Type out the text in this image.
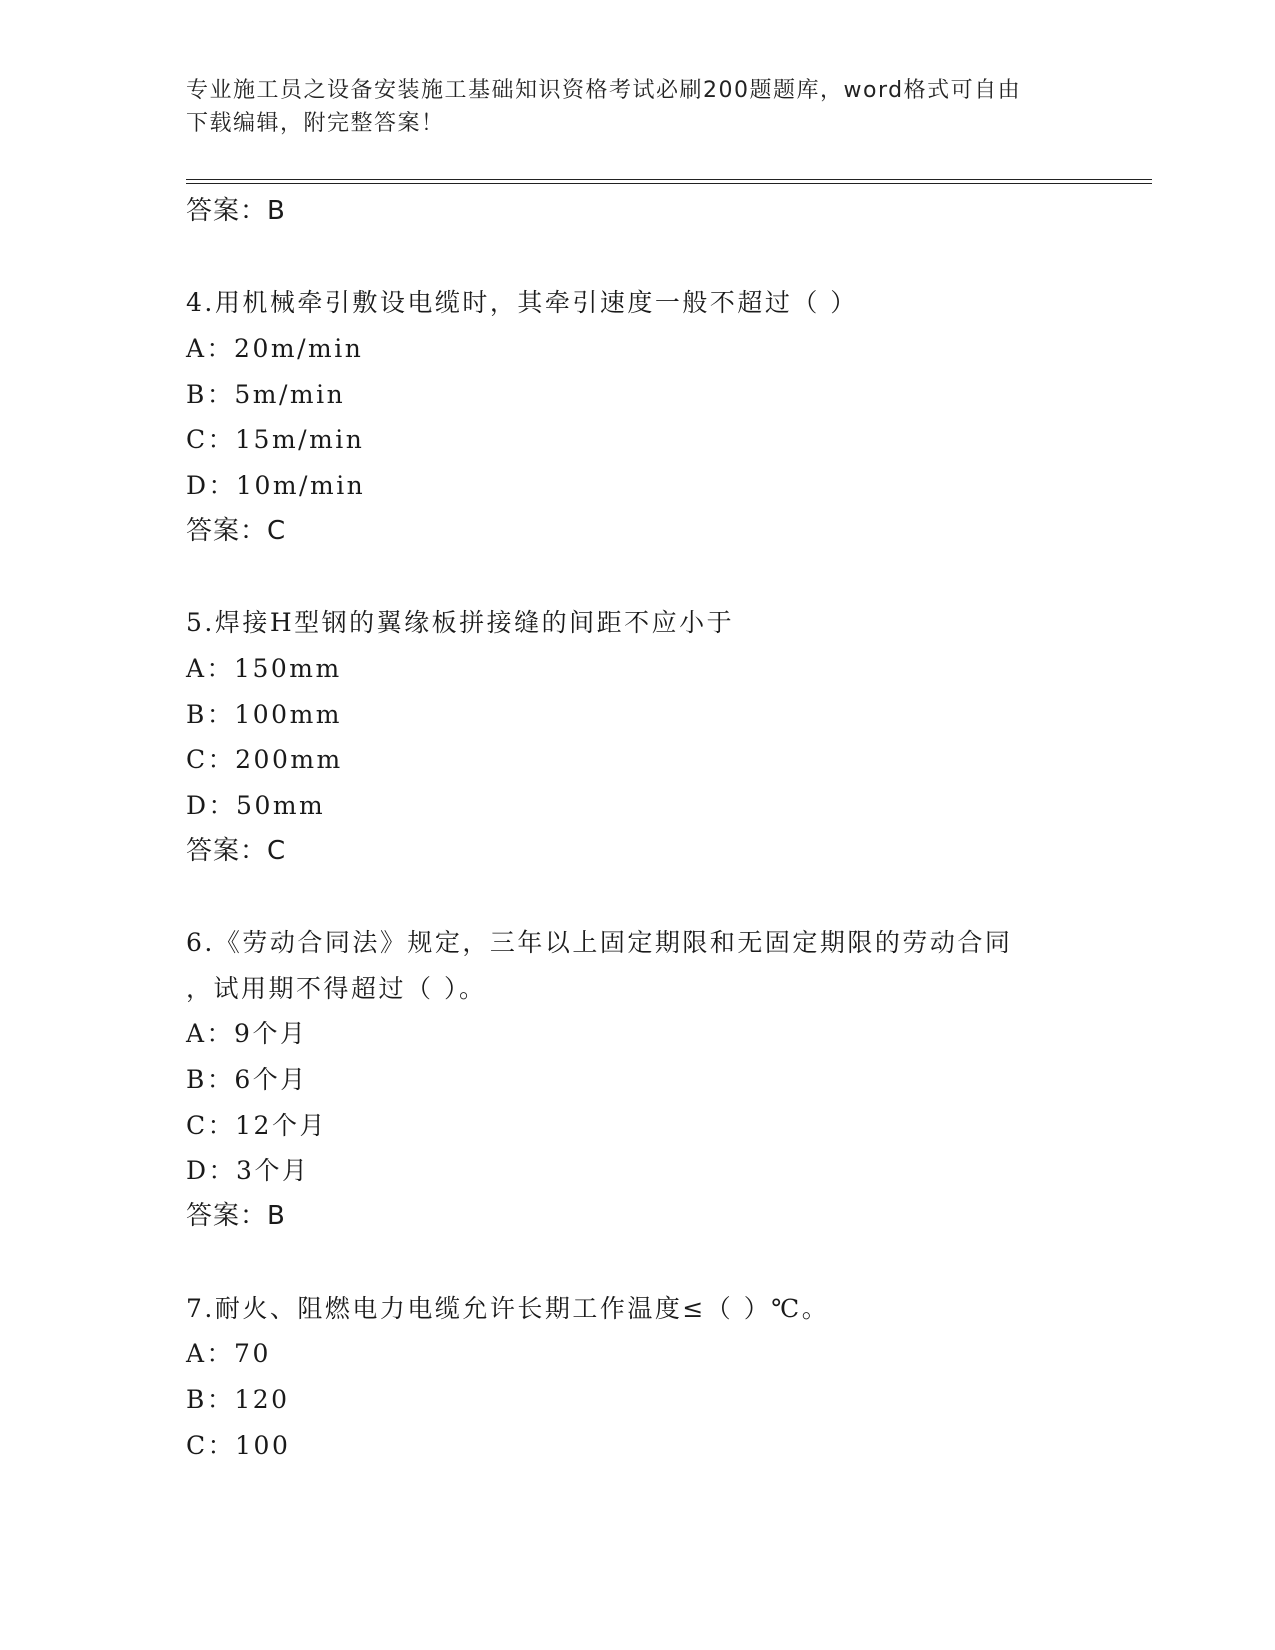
专业施工员之设备安装施工基础知识资格考试必刷200题题库，word格式可自由
下载编辑，附完整答案！
答案：B
4.用机械牵引敷设电缆时，其牵引速度一般不超过（ ）
A：20m/min
B：5m/min
C：15m/min
D：10m/min
答案：C
5.焊接H型钢的翼缘板拼接缝的间距不应小于
A：150mm
B：100mm
C：200mm
D：50mm
答案：C
6.《劳动合同法》规定，三年以上固定期限和无固定期限的劳动合同
，试用期不得超过（ ）。
A：9个月
B：6个月
C：12个月
D：3个月
答案：B
7.耐火、阻燃电力电缆允许长期工作温度≤（ ）℃。
A：70
B：120
C：100
